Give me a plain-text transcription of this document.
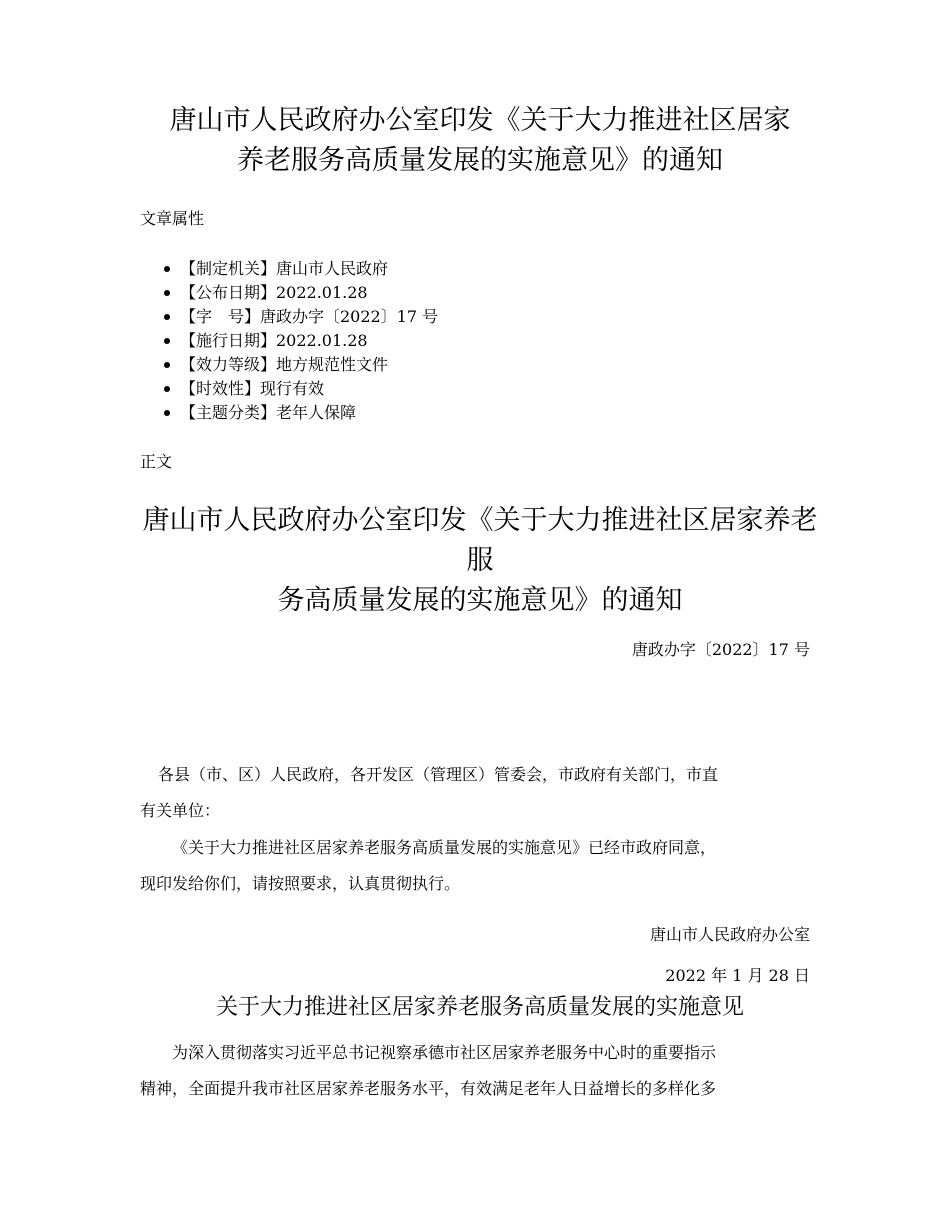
唐山市人民政府办公室印发《关于大力推进社区居家
养老服务高质量发展的实施意见》的通知

文章属性

【制定机关】唐山市人民政府
【公布日期】2022.01.28
【字　号】唐政办字〔2022〕17 号
【施行日期】2022.01.28
【效力等级】地方规范性文件
【时效性】现行有效
【主题分类】老年人保障

正文

唐山市人民政府办公室印发《关于大力推进社区居家养老服
务高质量发展的实施意见》的通知

唐政办字〔2022〕17 号

各县（市、区）人民政府，各开发区（管理区）管委会，市政府有关部门，市直
有关单位：

《关于大力推进社区居家养老服务高质量发展的实施意见》已经市政府同意，
现印发给你们，请按照要求，认真贯彻执行。

唐山市人民政府办公室

2022 年 1 月 28 日

关于大力推进社区居家养老服务高质量发展的实施意见

为深入贯彻落实习近平总书记视察承德市社区居家养老服务中心时的重要指示
精神，全面提升我市社区居家养老服务水平，有效满足老年人日益增长的多样化多
